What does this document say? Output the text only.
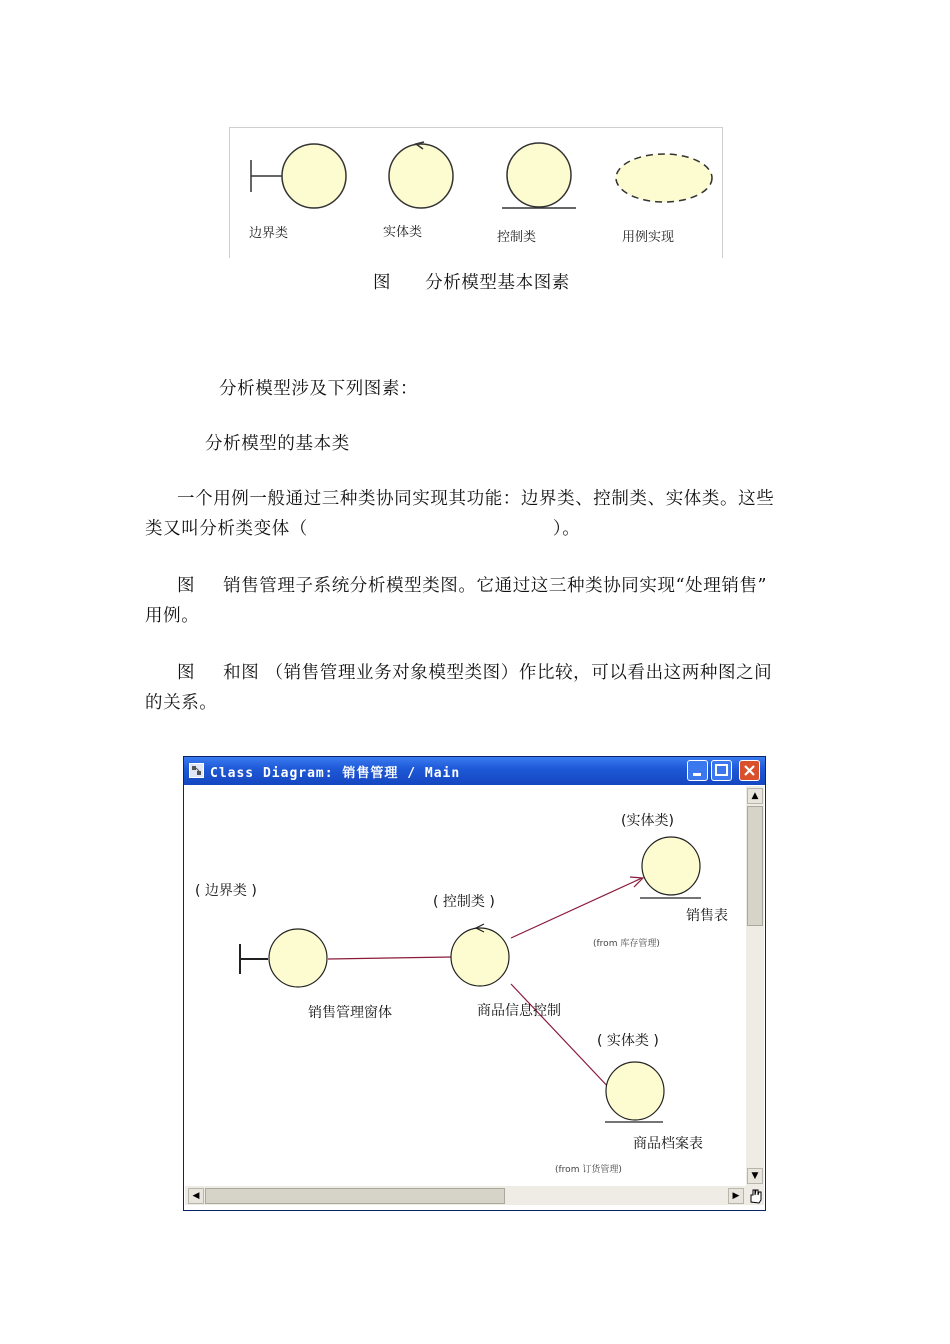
边界类	实体类	控制类	用例实现
图 分析模型基本图素
分析模型涉及下列图素：
分析模型的基本类
一个用例一般通过三种类协同实现其功能：边界类、控制类、实体类。这些
类又叫分析类变体（	）。
图 销售管理子系统分析模型类图。它通过这三种类协同实现“处理销售”
用例。
图 和图 （销售管理业务对象模型类图）作比较，可以看出这两种图之间
的关系。
Class Diagram: 销售管理 / Main
( 边界类 )
( 控制类 )
(实体类)
( 实体类 )
销售管理窗体	商品信息控制
销售表
商品档案表
(from 库存管理)
(from 订货管理)
▲
▼
◀	▶
